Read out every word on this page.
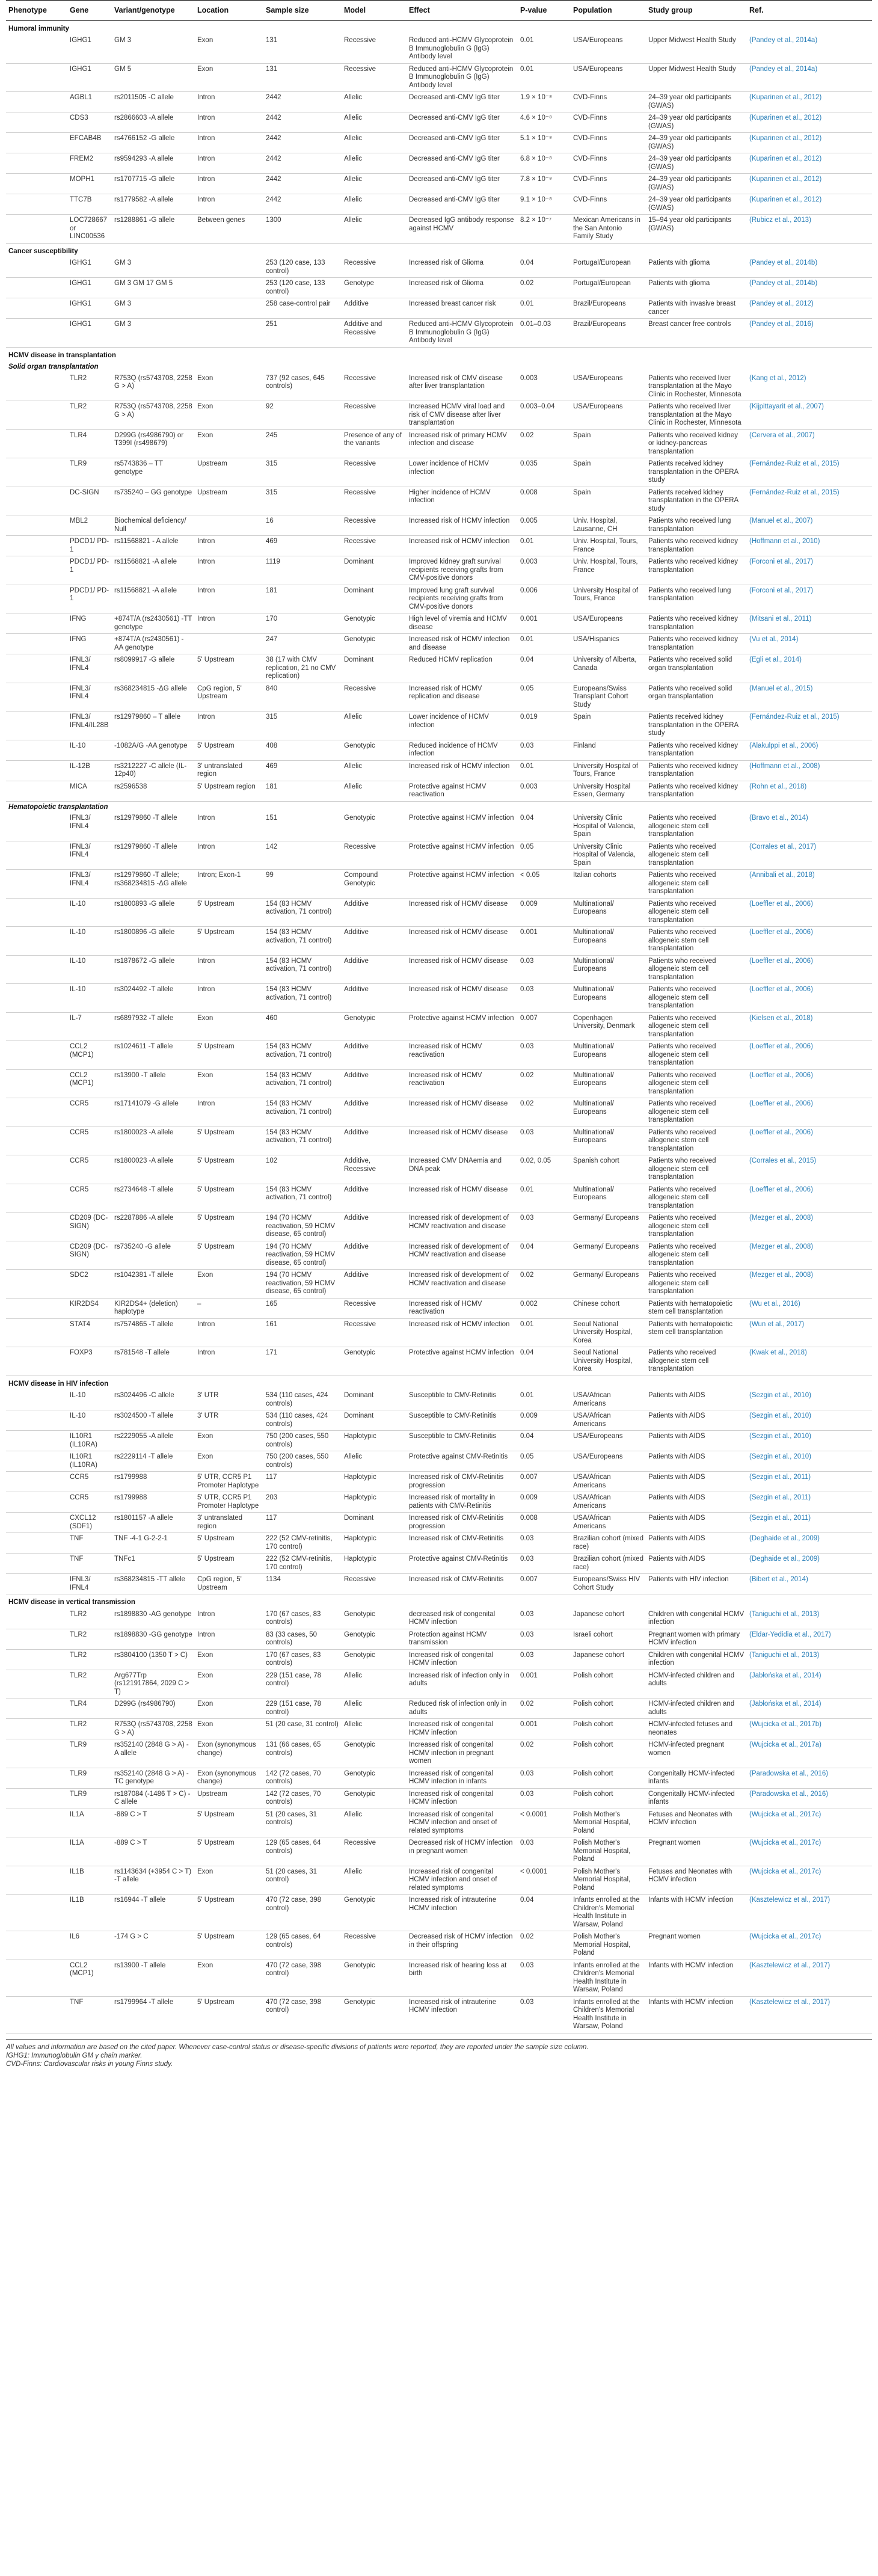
Phenotype	Gene	Variant/genotype	Location	Sample size	Model	Effect	P-value	Population	Study group	Ref.
Humoral immunity										
	IGHG1	GM 3	Exon	131	Recessive	Reduced anti-HCMV Glycoprotein B Immunoglobulin G (IgG) Antibody level	0.01	USA/Europeans	Upper Midwest Health Study	(Pandey et al., 2014a)
	IGHG1	GM 5	Exon	131	Recessive	Reduced anti-HCMV Glycoprotein B Immunoglobulin G (IgG) Antibody level	0.01	USA/Europeans	Upper Midwest Health Study	(Pandey et al., 2014a)
	AGBL1	rs2011505 -C allele	Intron	2442	Allelic	Decreased anti-CMV IgG titer	1.9 × 10⁻⁸	CVD-Finns	24–39 year old participants (GWAS)	(Kuparinen et al., 2012)
	CDS3	rs2866603 -A allele	Intron	2442	Allelic	Decreased anti-CMV IgG titer	4.6 × 10⁻⁸	CVD-Finns	24–39 year old participants (GWAS)	(Kuparinen et al., 2012)
	EFCAB4B	rs4766152 -G allele	Intron	2442	Allelic	Decreased anti-CMV IgG titer	5.1 × 10⁻⁸	CVD-Finns	24–39 year old participants (GWAS)	(Kuparinen et al., 2012)
	FREM2	rs9594293 -A allele	Intron	2442	Allelic	Decreased anti-CMV IgG titer	6.8 × 10⁻⁸	CVD-Finns	24–39 year old participants (GWAS)	(Kuparinen et al., 2012)
	MOPH1	rs1707715 -G allele	Intron	2442	Allelic	Decreased anti-CMV IgG titer	7.8 × 10⁻⁸	CVD-Finns	24–39 year old participants (GWAS)	(Kuparinen et al., 2012)
	TTC7B	rs1779582 -A allele	Intron	2442	Allelic	Decreased anti-CMV IgG titer	9.1 × 10⁻⁸	CVD-Finns	24–39 year old participants (GWAS)	(Kuparinen et al., 2012)
	LOC728667 or LINC00536	rs1288861 -G allele	Between genes	1300	Allelic	Decreased IgG antibody response against HCMV	8.2 × 10⁻⁷	Mexican Americans in the San Antonio Family Study	15–94 year old participants (GWAS)	(Rubicz et al., 2013)
Cancer susceptibility										
	IGHG1	GM 3		253 (120 case, 133 control)	Recessive	Increased risk of Glioma	0.04	Portugal/European	Patients with glioma	(Pandey et al., 2014b)
	IGHG1	GM 3 GM 17 GM 5		253 (120 case, 133 control)	Genotype	Increased risk of Glioma	0.02	Portugal/European	Patients with glioma	(Pandey et al., 2014b)
	IGHG1	GM 3		258 case-control pair	Additive	Increased breast cancer risk	0.01	Brazil/Europeans	Patients with invasive breast cancer	(Pandey et al., 2012)
	IGHG1	GM 3		251	Additive and Recessive	Reduced anti-HCMV Glycoprotein B Immunoglobulin G (IgG) Antibody level	0.01–0.03	Brazil/Europeans	Breast cancer free controls	(Pandey et al., 2016)
HCMV disease in transplantation										
Solid organ transplantation										
	TLR2	R753Q (rs5743708, 2258 G > A)	Exon	737 (92 cases, 645 controls)	Recessive	Increased risk of CMV disease after liver transplantation	0.003	USA/Europeans	Patients who received liver transplantation at the Mayo Clinic in Rochester, Minnesota	(Kang et al., 2012)
	TLR2	R753Q (rs5743708, 2258 G > A)	Exon	92	Recessive	Increased HCMV viral load and risk of CMV disease after liver transplantation	0.003–0.04	USA/Europeans	Patients who received liver transplantation at the Mayo Clinic in Rochester, Minnesota	(Kijpittayarit et al., 2007)
	TLR4	D299G (rs4986790) or T399I (rs498679)	Exon	245	Presence of any of the variants	Increased risk of primary HCMV infection and disease	0.02	Spain	Patients who received kidney or kidney-pancreas transplantation	(Cervera et al., 2007)
	TLR9	rs5743836 – TT genotype	Upstream	315	Recessive	Lower incidence of HCMV infection	0.035	Spain	Patients received kidney transplantation in the OPERA study	(Fernández-Ruiz et al., 2015)
	DC-SIGN	rs735240 – GG genotype	Upstream	315	Recessive	Higher incidence of HCMV infection	0.008	Spain	Patients received kidney transplantation in the OPERA study	(Fernández-Ruiz et al., 2015)
	MBL2	Biochemical deficiency/ Null		16	Recessive	Increased risk of HCMV infection	0.005	Univ. Hospital, Lausanne, CH	Patients who received lung transplantation	(Manuel et al., 2007)
	PDCD1/ PD-1	rs11568821 - A allele	Intron	469	Recessive	Increased risk of HCMV infection	0.01	Univ. Hospital, Tours, France	Patients who received kidney transplantation	(Hoffmann et al., 2010)
	PDCD1/ PD-1	rs11568821 -A allele	Intron	1119	Dominant	Improved kidney graft survival recipients receiving grafts from CMV-positive donors	0.003	Univ. Hospital, Tours, France	Patients who received kidney transplantation	(Forconi et al., 2017)
	PDCD1/ PD-1	rs11568821 -A allele	Intron	181	Dominant	Improved lung graft survival recipients receiving grafts from CMV-positive donors	0.006	University Hospital of Tours, France	Patients who received lung transplantation	(Forconi et al., 2017)
	IFNG	+874T/A (rs2430561) -TT genotype	Intron	170	Genotypic	High level of viremia and HCMV disease	0.001	USA/Europeans	Patients who received kidney transplantation	(Mitsani et al., 2011)
	IFNG	+874T/A (rs2430561) -AA genotype		247	Genotypic	Increased risk of HCMV infection and disease	0.01	USA/Hispanics	Patients who received kidney transplantation	(Vu et al., 2014)
	IFNL3/ IFNL4	rs8099917 -G allele	5' Upstream	38 (17 with CMV replication, 21 no CMV replication)	Dominant	Reduced HCMV replication	0.04	University of Alberta, Canada	Patients who received solid organ transplantation	(Egli et al., 2014)
	IFNL3/ IFNL4	rs368234815 -ΔG allele	CpG region, 5' Upstream	840	Recessive	Increased risk of HCMV replication and disease	0.05	Europeans/Swiss Transplant Cohort Study	Patients who received solid organ transplantation	(Manuel et al., 2015)
	IFNL3/ IFNL4/IL28B	rs12979860 – T allele	Intron	315	Allelic	Lower incidence of HCMV infection	0.019	Spain	Patients received kidney transplantation in the OPERA study	(Fernández-Ruiz et al., 2015)
	IL-10	-1082A/G -AA genotype	5' Upstream	408	Genotypic	Reduced incidence of HCMV infection	0.03	Finland	Patients who received kidney transplantation	(Alakulppi et al., 2006)
	IL-12B	rs3212227 -C allele (IL-12p40)	3' untranslated region	469	Allelic	Increased risk of HCMV infection	0.01	University Hospital of Tours, France	Patients who received kidney transplantation	(Hoffmann et al., 2008)
	MICA	rs2596538	5' Upstream region	181	Allelic	Protective against HCMV reactivation	0.003	University Hospital Essen, Germany	Patients who received kidney transplantation	(Rohn et al., 2018)
Hematopoietic transplantation										
	IFNL3/ IFNL4	rs12979860 -T allele	Intron	151	Genotypic	Protective against HCMV infection	0.04	University Clinic Hospital of Valencia, Spain	Patients who received allogeneic stem cell transplantation	(Bravo et al., 2014)
	IFNL3/ IFNL4	rs12979860 -T allele	Intron	142	Recessive	Protective against HCMV infection	0.05	University Clinic Hospital of Valencia, Spain	Patients who received allogeneic stem cell transplantation	(Corrales et al., 2017)
	IFNL3/ IFNL4	rs12979860 -T allele; rs368234815 -ΔG allele	Intron; Exon-1	99	Compound Genotypic	Protective against HCMV infection	< 0.05	Italian cohorts	Patients who received allogeneic stem cell transplantation	(Annibali et al., 2018)
	IL-10	rs1800893 -G allele	5' Upstream	154 (83 HCMV activation, 71 control)	Additive	Increased risk of HCMV disease	0.009	Multinational/ Europeans	Patients who received allogeneic stem cell transplantation	(Loeffler et al., 2006)
	IL-10	rs1800896 -G allele	5' Upstream	154 (83 HCMV activation, 71 control)	Additive	Increased risk of HCMV disease	0.001	Multinational/ Europeans	Patients who received allogeneic stem cell transplantation	(Loeffler et al., 2006)
	IL-10	rs1878672 -G allele	Intron	154 (83 HCMV activation, 71 control)	Additive	Increased risk of HCMV disease	0.03	Multinational/ Europeans	Patients who received allogeneic stem cell transplantation	(Loeffler et al., 2006)
	IL-10	rs3024492 -T allele	Intron	154 (83 HCMV activation, 71 control)	Additive	Increased risk of HCMV disease	0.03	Multinational/ Europeans	Patients who received allogeneic stem cell transplantation	(Loeffler et al., 2006)
	IL-7	rs6897932 -T allele	Exon	460	Genotypic	Protective against HCMV infection	0.007	Copenhagen University, Denmark	Patients who received allogeneic stem cell transplantation	(Kielsen et al., 2018)
	CCL2 (MCP1)	rs1024611 -T allele	5' Upstream	154 (83 HCMV activation, 71 control)	Additive	Increased risk of HCMV reactivation	0.03	Multinational/ Europeans	Patients who received allogeneic stem cell transplantation	(Loeffler et al., 2006)
	CCL2 (MCP1)	rs13900 -T allele	Exon	154 (83 HCMV activation, 71 control)	Additive	Increased risk of HCMV reactivation	0.02	Multinational/ Europeans	Patients who received allogeneic stem cell transplantation	(Loeffler et al., 2006)
	CCR5	rs17141079 -G allele	Intron	154 (83 HCMV activation, 71 control)	Additive	Increased risk of HCMV disease	0.02	Multinational/ Europeans	Patients who received allogeneic stem cell transplantation	(Loeffler et al., 2006)
	CCR5	rs1800023 -A allele	5' Upstream	154 (83 HCMV activation, 71 control)	Additive	Increased risk of HCMV disease	0.03	Multinational/ Europeans	Patients who received allogeneic stem cell transplantation	(Loeffler et al., 2006)
	CCR5	rs1800023 -A allele	5' Upstream	102	Additive, Recessive	Increased CMV DNAemia and DNA peak	0.02, 0.05	Spanish cohort	Patients who received allogeneic stem cell transplantation	(Corrales et al., 2015)
	CCR5	rs2734648 -T allele	5' Upstream	154 (83 HCMV activation, 71 control)	Additive	Increased risk of HCMV disease	0.01	Multinational/ Europeans	Patients who received allogeneic stem cell transplantation	(Loeffler et al., 2006)
	CD209 (DC-SIGN)	rs2287886 -A allele	5' Upstream	194 (70 HCMV reactivation, 59 HCMV disease, 65 control)	Additive	Increased risk of development of HCMV reactivation and disease	0.03	Germany/ Europeans	Patients who received allogeneic stem cell transplantation	(Mezger et al., 2008)
	CD209 (DC-SIGN)	rs735240 -G allele	5' Upstream	194 (70 HCMV reactivation, 59 HCMV disease, 65 control)	Additive	Increased risk of development of HCMV reactivation and disease	0.04	Germany/ Europeans	Patients who received allogeneic stem cell transplantation	(Mezger et al., 2008)
	SDC2	rs1042381 -T allele	Exon	194 (70 HCMV reactivation, 59 HCMV disease, 65 control)	Additive	Increased risk of development of HCMV reactivation and disease	0.02	Germany/ Europeans	Patients who received allogeneic stem cell transplantation	(Mezger et al., 2008)
	KIR2DS4	KIR2DS4+ (deletion) haplotype	–	165	Recessive	Increased risk of HCMV reactivation	0.002	Chinese cohort	Patients with hematopoietic stem cell transplantation	(Wu et al., 2016)
	STAT4	rs7574865 -T allele	Intron	161	Recessive	Increased risk of HCMV infection	0.01	Seoul National University Hospital, Korea	Patients with hematopoietic stem cell transplantation	(Wun et al., 2017)
	FOXP3	rs781548 -T allele	Intron	171	Genotypic	Protective against HCMV infection	0.04	Seoul National University Hospital, Korea	Patients who received allogeneic stem cell transplantation	(Kwak et al., 2018)
HCMV disease in HIV infection										
	IL-10	rs3024496 -C allele	3' UTR	534 (110 cases, 424 controls)	Dominant	Susceptible to CMV-Retinitis	0.01	USA/African Americans	Patients with AIDS	(Sezgin et al., 2010)
	IL-10	rs3024500 -T allele	3' UTR	534 (110 cases, 424 controls)	Dominant	Susceptible to CMV-Retinitis	0.009	USA/African Americans	Patients with AIDS	(Sezgin et al., 2010)
	IL10R1 (IL10RA)	rs2229055 -A allele	Exon	750 (200 cases, 550 controls)	Haplotypic	Susceptible to CMV-Retinitis	0.04	USA/Europeans	Patients with AIDS	(Sezgin et al., 2010)
	IL10R1 (IL10RA)	rs2229114 -T allele	Exon	750 (200 cases, 550 controls)	Allelic	Protective against CMV-Retinitis	0.05	USA/Europeans	Patients with AIDS	(Sezgin et al., 2010)
	CCR5	rs1799988	5' UTR, CCR5 P1 Promoter Haplotype	117	Haplotypic	Increased risk of CMV-Retinitis progression	0.007	USA/African Americans	Patients with AIDS	(Sezgin et al., 2011)
	CCR5	rs1799988	5' UTR, CCR5 P1 Promoter Haplotype	203	Haplotypic	Increased risk of mortality in patients with CMV-Retinitis	0.009	USA/African Americans	Patients with AIDS	(Sezgin et al., 2011)
	CXCL12 (SDF1)	rs1801157 -A allele	3' untranslated region	117	Dominant	Increased risk of CMV-Retinitis progression	0.008	USA/African Americans	Patients with AIDS	(Sezgin et al., 2011)
	TNF	TNF -4-1 G-2-2-1	5' Upstream	222 (52 CMV-retinitis, 170 control)	Haplotypic	Increased risk of CMV-Retinitis	0.03	Brazilian cohort (mixed race)	Patients with AIDS	(Deghaide et al., 2009)
	TNF	TNFc1	5' Upstream	222 (52 CMV-retinitis, 170 control)	Haplotypic	Protective against CMV-Retinitis	0.03	Brazilian cohort (mixed race)	Patients with AIDS	(Deghaide et al., 2009)
	IFNL3/ IFNL4	rs368234815 -TT allele	CpG region, 5' Upstream	1134	Recessive	Increased risk of CMV-Retinitis	0.007	Europeans/Swiss HIV Cohort Study	Patients with HIV infection	(Bibert et al., 2014)
HCMV disease in vertical transmission										
	TLR2	rs1898830 -AG genotype	Intron	170 (67 cases, 83 controls)	Genotypic	decreased risk of congenital HCMV infection	0.03	Japanese cohort	Children with congenital HCMV infection	(Taniguchi et al., 2013)
	TLR2	rs1898830 -GG genotype	Intron	83 (33 cases, 50 controls)	Genotypic	Protection against HCMV transmission	0.03	Israeli cohort	Pregnant women with primary HCMV infection	(Eldar-Yedidia et al., 2017)
	TLR2	rs3804100 (1350 T > C)	Exon	170 (67 cases, 83 controls)	Genotypic	Increased risk of congenital HCMV infection	0.03	Japanese cohort	Children with congenital HCMV infection	(Taniguchi et al., 2013)
	TLR2	Arg677Trp (rs121917864, 2029 C > T)	Exon	229 (151 case, 78 control)	Allelic	Increased risk of infection only in adults	0.001	Polish cohort	HCMV-infected children and adults	(Jabłońska et al., 2014)
	TLR4	D299G (rs4986790)	Exon	229 (151 case, 78 control)	Allelic	Reduced risk of infection only in adults	0.02	Polish cohort	HCMV-infected children and adults	(Jabłońska et al., 2014)
	TLR2	R753Q (rs5743708, 2258 G > A)	Exon	51 (20 case, 31 control)	Allelic	Increased risk of congenital HCMV infection	0.001	Polish cohort	HCMV-infected fetuses and neonates	(Wujcicka et al., 2017b)
	TLR9	rs352140 (2848 G > A) -A allele	Exon (synonymous change)	131 (66 cases, 65 controls)	Genotypic	Increased risk of congenital HCMV infection in pregnant women	0.02	Polish cohort	HCMV-infected pregnant women	(Wujcicka et al., 2017a)
	TLR9	rs352140 (2848 G > A) -TC genotype	Exon (synonymous change)	142 (72 cases, 70 controls)	Genotypic	Increased risk of congenital HCMV infection in infants	0.03	Polish cohort	Congenitally HCMV-infected infants	(Paradowska et al., 2016)
	TLR9	rs187084 (-1486 T > C) -C allele	Upstream	142 (72 cases, 70 controls)	Genotypic	Increased risk of congenital HCMV infection	0.03	Polish cohort	Congenitally HCMV-infected infants	(Paradowska et al., 2016)
	IL1A	-889 C > T	5' Upstream	51 (20 cases, 31 controls)	Allelic	Increased risk of congenital HCMV infection and onset of related symptoms	< 0.0001	Polish Mother's Memorial Hospital, Poland	Fetuses and Neonates with HCMV infection	(Wujcicka et al., 2017c)
	IL1A	-889 C > T	5' Upstream	129 (65 cases, 64 controls)	Recessive	Decreased risk of HCMV infection in pregnant women	0.03	Polish Mother's Memorial Hospital, Poland	Pregnant women	(Wujcicka et al., 2017c)
	IL1B	rs1143634 (+3954 C > T) -T allele	Exon	51 (20 cases, 31 control)	Allelic	Increased risk of congenital HCMV infection and onset of related symptoms	< 0.0001	Polish Mother's Memorial Hospital, Poland	Fetuses and Neonates with HCMV infection	(Wujcicka et al., 2017c)
	IL1B	rs16944 -T allele	5' Upstream	470 (72 case, 398 control)	Genotypic	Increased risk of intrauterine HCMV infection	0.04	Infants enrolled at the Children's Memorial Health Institute in Warsaw, Poland	Infants with HCMV infection	(Kasztelewicz et al., 2017)
	IL6	-174 G > C	5' Upstream	129 (65 cases, 64 controls)	Recessive	Decreased risk of HCMV infection in their offspring	0.02	Polish Mother's Memorial Hospital, Poland	Pregnant women	(Wujcicka et al., 2017c)
	CCL2 (MCP1)	rs13900 -T allele	Exon	470 (72 case, 398 control)	Genotypic	Increased risk of hearing loss at birth	0.03	Infants enrolled at the Children's Memorial Health Institute in Warsaw, Poland	Infants with HCMV infection	(Kasztelewicz et al., 2017)
	TNF	rs1799964 -T allele	5' Upstream	470 (72 case, 398 control)	Genotypic	Increased risk of intrauterine HCMV infection	0.03	Infants enrolled at the Children's Memorial Health Institute in Warsaw, Poland	Infants with HCMV infection	(Kasztelewicz et al., 2017)
All values and information are based on the cited paper. Whenever case-control status or disease-specific divisions of patients were reported, they are reported under the sample size column.
IGHG1: Immunoglobulin GM γ chain marker.
CVD-Finns: Cardiovascular risks in young Finns study.
